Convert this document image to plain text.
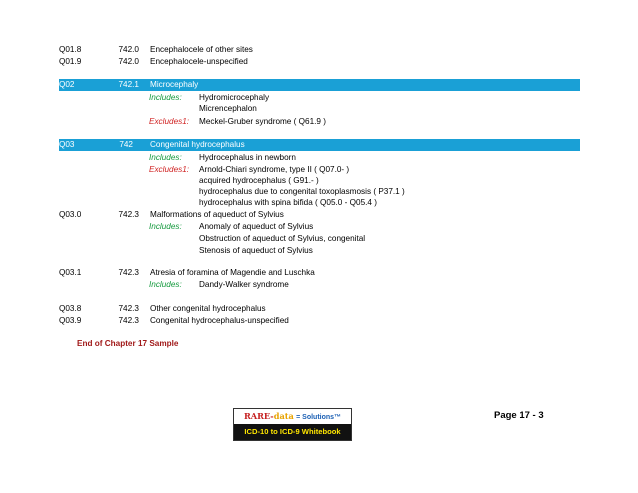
Q01.8	742.0 Encephalocele of other sites
Q01.9	742.0 Encephalocele-unspecified
Q02	742.1 Microcephaly
Includes: Hydromicrocephaly
Micrencephalon
Excludes1: Meckel-Gruber syndrome ( Q61.9 )
Q03	742 Congenital hydrocephalus
Includes: Hydrocephalus in newborn
Excludes1: Arnold-Chiari syndrome, type II ( Q07.0- )
acquired hydrocephalus ( G91.- )
hydrocephalus due to congenital toxoplasmosis ( P37.1 )
hydrocephalus with spina bifida ( Q05.0 - Q05.4 )
Q03.0	742.3 Malformations of aqueduct of Sylvius
Includes: Anomaly of aqueduct of Sylvius
Obstruction of aqueduct of Sylvius, congenital
Stenosis of aqueduct of Sylvius
Q03.1	742.3 Atresia of foramina of Magendie and Luschka
Includes: Dandy-Walker syndrome
Q03.8	742.3 Other congenital hydrocephalus
Q03.9	742.3 Congenital hydrocephalus-unspecified
End of Chapter 17 Sample
RARE-data = Solutions™
ICD-10 to ICD-9 Whitebook
Page 17 - 3
